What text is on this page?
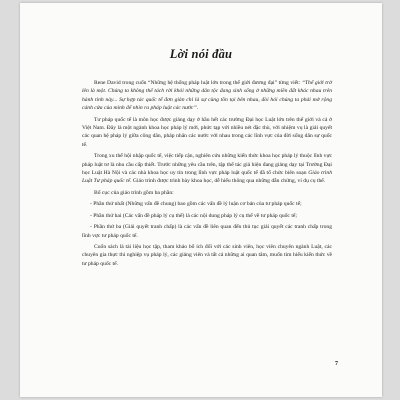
Lời nói đầu

Rene David trong cuốn “Những hệ thống pháp luật lớn trong thế giới đương đại” từng viết: “Thế giới trở lên là một. Chúng ta không thể tách rời khỏi những dân tộc đang sinh sống ở những miền đất khác nhau trên hành tinh này... Sự hợp tác quốc tế đơn giản chỉ là sự cùng tồn tại bên nhau, đòi hỏi chúng ta phải mở rộng cánh cửa của mình để nhìn ra pháp luật các nước”.

Tư pháp quốc tế là môn học được giảng dạy ở hầu hết các trường Đại học Luật lớn trên thế giới và cả ở Việt Nam. Đây là một ngành khoa học pháp lý mới, phức tạp với nhiều nét đặc thù, với nhiệm vụ là giải quyết các quan hệ pháp lý giữa công dân, pháp nhân các nước với nhau trong các lĩnh vực của đời sống dân sự quốc tế.

Trong xu thế hội nhập quốc tế, việc tiếp cận, nghiên cứu những kiến thức khoa học pháp lý thuộc lĩnh vực pháp luật tư là nhu cầu cấp thiết. Trước những yêu cầu trên, tập thể tác giả hiện đang giảng dạy tại Trường Đại học Luật Hà Nội và các nhà khoa học uy tín trong lĩnh vực pháp luật quốc tế đã tổ chức biên soạn Giáo trình Luật Tư pháp quốc tế. Giáo trình được trình bày khoa học, dễ hiểu thông qua những dẫn chứng, ví dụ cụ thể.

Bố cục của giáo trình gồm ba phần:

- Phần thứ nhất (Những vấn đề chung) bao gồm các vấn đề lý luận cơ bản của tư pháp quốc tế;

- Phần thứ hai (Các vấn đề pháp lý cụ thể) là các nội dung pháp lý cụ thể về tư pháp quốc tế;

- Phần thứ ba (Giải quyết tranh chấp) là các vấn đề liên quan đến thủ tục giải quyết các tranh chấp trong lĩnh vực tư pháp quốc tế.

Cuốn sách là tài liệu học tập, tham khảo bổ ích đối với các sinh viên, học viên chuyên ngành Luật, các chuyên gia thực thi nghiệp vụ pháp lý, các giảng viên và tất cả những ai quan tâm, muốn tìm hiểu kiến thức về tư pháp quốc tế.

7
